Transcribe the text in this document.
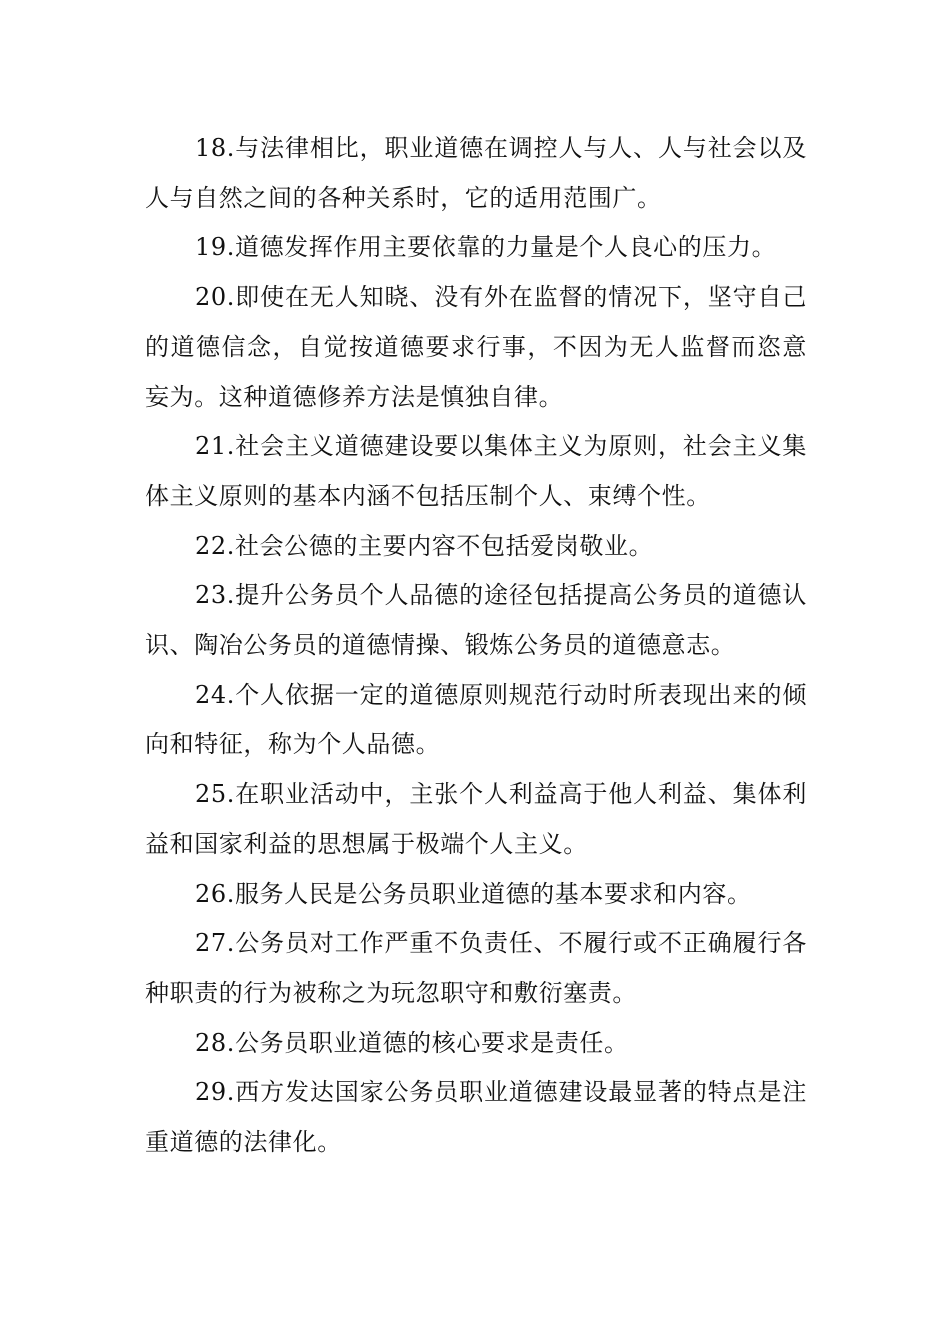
18.与法律相比，职业道德在调控人与人、人与社会以及人与自然之间的各种关系时，它的适用范围广。

19.道德发挥作用主要依靠的力量是个人良心的压力。

20.即使在无人知晓、没有外在监督的情况下，坚守自己的道德信念，自觉按道德要求行事，不因为无人监督而恣意妄为。这种道德修养方法是慎独自律。

21.社会主义道德建设要以集体主义为原则，社会主义集体主义原则的基本内涵不包括压制个人、束缚个性。

22.社会公德的主要内容不包括爱岗敬业。

23.提升公务员个人品德的途径包括提高公务员的道德认识、陶冶公务员的道德情操、锻炼公务员的道德意志。

24.个人依据一定的道德原则规范行动时所表现出来的倾向和特征，称为个人品德。

25.在职业活动中，主张个人利益高于他人利益、集体利益和国家利益的思想属于极端个人主义。

26.服务人民是公务员职业道德的基本要求和内容。

27.公务员对工作严重不负责任、不履行或不正确履行各种职责的行为被称之为玩忽职守和敷衍塞责。

28.公务员职业道德的核心要求是责任。

29.西方发达国家公务员职业道德建设最显著的特点是注重道德的法律化。
